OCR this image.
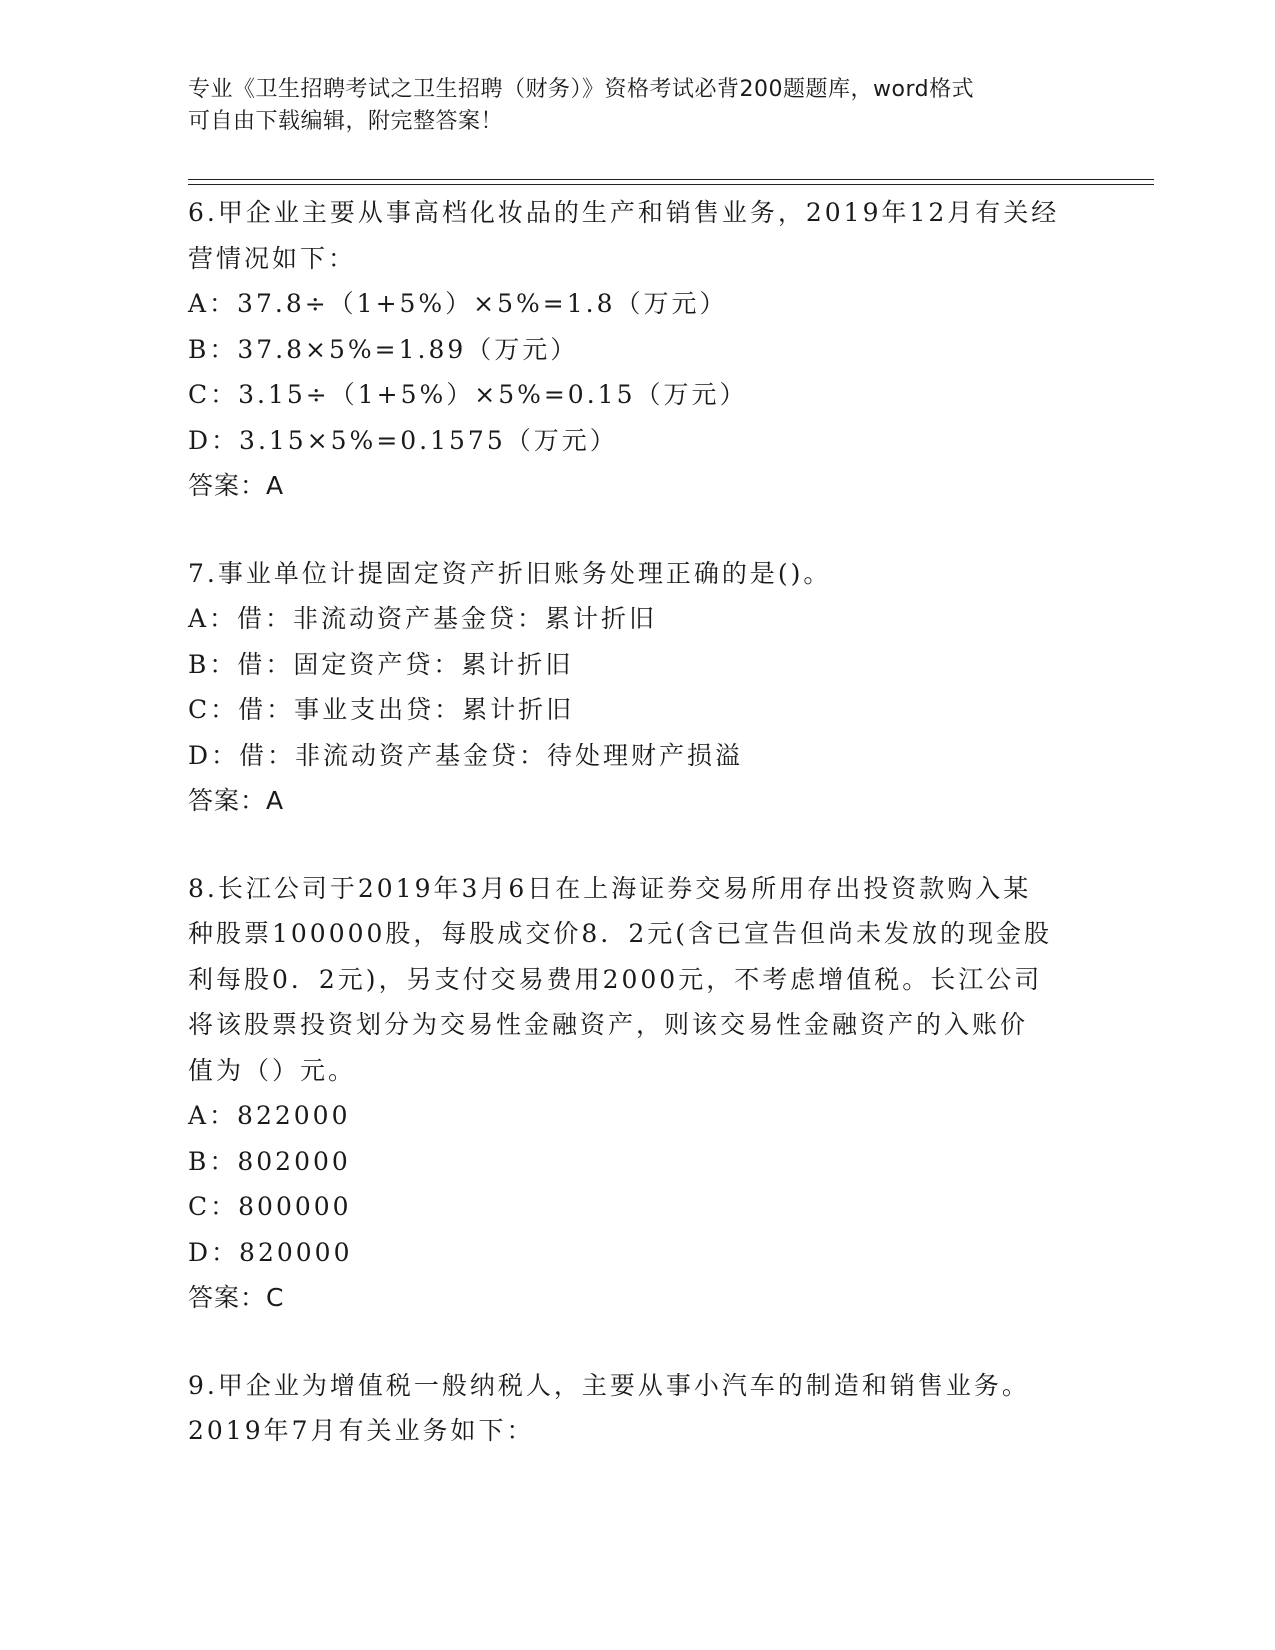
专业《卫生招聘考试之卫生招聘（财务）》资格考试必背200题题库，word格式
可自由下载编辑，附完整答案！
6.甲企业主要从事高档化妆品的生产和销售业务，2019年12月有关经
营情况如下：
A：37.8÷（1+5%）×5%=1.8（万元）
B：37.8×5%=1.89（万元）
C：3.15÷（1+5%）×5%=0.15（万元）
D：3.15×5%=0.1575（万元）
答案：A
7.事业单位计提固定资产折旧账务处理正确的是()。
A：借：非流动资产基金贷：累计折旧
B：借：固定资产贷：累计折旧
C：借：事业支出贷：累计折旧
D：借：非流动资产基金贷：待处理财产损溢
答案：A
8.长江公司于2019年3月6日在上海证券交易所用存出投资款购入某
种股票100000股，每股成交价8．2元(含已宣告但尚未发放的现金股
利每股0．2元)，另支付交易费用2000元，不考虑增值税。长江公司
将该股票投资划分为交易性金融资产，则该交易性金融资产的入账价
值为（）元。
A：822000
B：802000
C：800000
D：820000
答案：C
9.甲企业为增值税一般纳税人，主要从事小汽车的制造和销售业务。
2019年7月有关业务如下：
